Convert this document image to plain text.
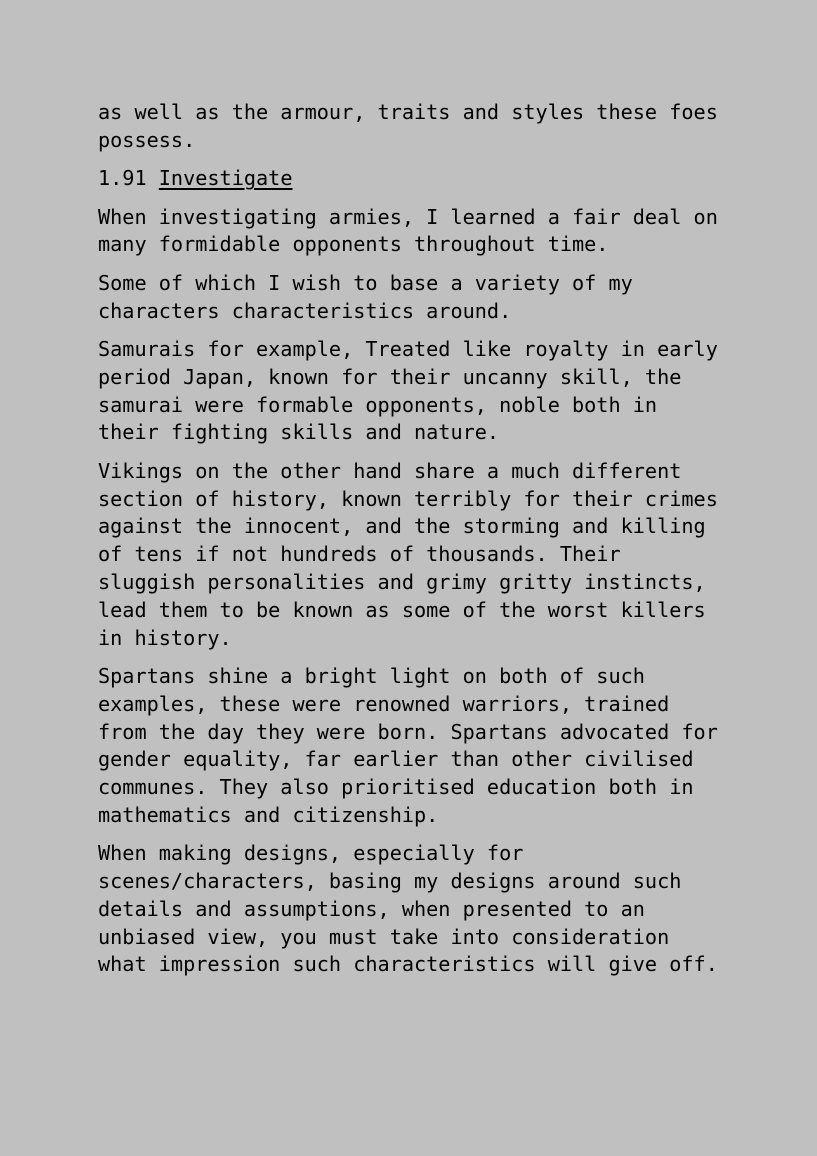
as well as the armour, traits and styles these foes
possess.

1.91 Investigate

When investigating armies, I learned a fair deal on
many formidable opponents throughout time.

Some of which I wish to base a variety of my
characters characteristics around.

Samurais for example, Treated like royalty in early
period Japan, known for their uncanny skill, the
samurai were formable opponents, noble both in
their fighting skills and nature.

Vikings on the other hand share a much different
section of history, known terribly for their crimes
against the innocent, and the storming and killing
of tens if not hundreds of thousands. Their
sluggish personalities and grimy gritty instincts,
lead them to be known as some of the worst killers
in history.

Spartans shine a bright light on both of such
examples, these were renowned warriors, trained
from the day they were born. Spartans advocated for
gender equality, far earlier than other civilised
communes. They also prioritised education both in
mathematics and citizenship.

When making designs, especially for
scenes/characters, basing my designs around such
details and assumptions, when presented to an
unbiased view, you must take into consideration
what impression such characteristics will give off.
